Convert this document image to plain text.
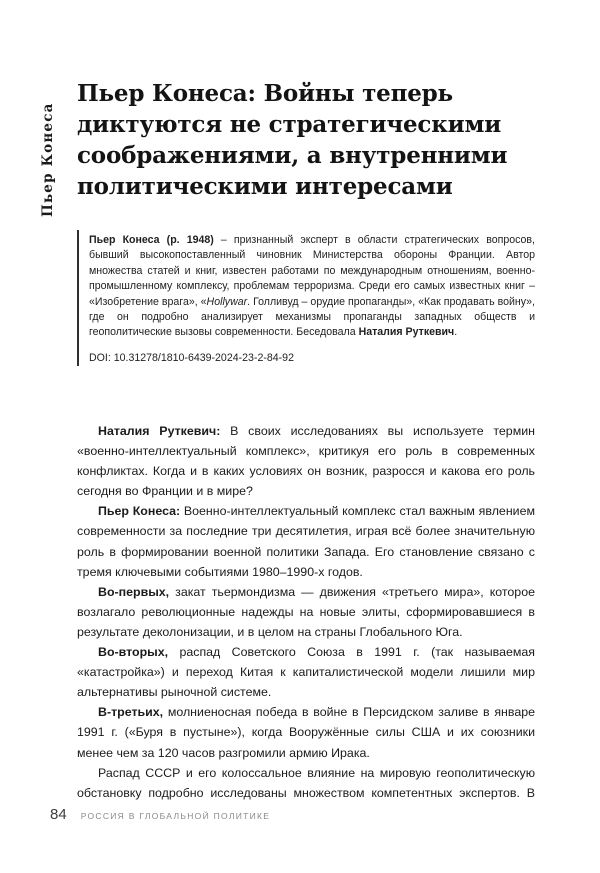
Пьер Конеса
Пьер Конеса: Войны теперь
диктуются не стратегическими
соображениями, а внутренними
политическими интересами

Пьер Конеса (р. 1948) – признанный эксперт в области стратегических вопросов, бывший высокопоставленный чиновник Министерства обороны Франции. Автор множества статей и книг, известен работами по международным отношениям, военно-промышленному комплексу, проблемам терроризма. Среди его самых известных книг – «Изобретение врага», «Hollywar. Голливуд – орудие пропаганды», «Как продавать войну», где он подробно анализирует механизмы пропаганды западных обществ и геополитические вызовы современности. Беседовала Наталия Руткевич.

DOI: 10.31278/1810-6439-2024-23-2-84-92

Наталия Руткевич: В своих исследованиях вы используете термин «военно-интеллектуальный комплекс», критикуя его роль в современных конфликтах. Когда и в каких условиях он возник, разросся и какова его роль сегодня во Франции и в мире?

Пьер Конеса: Военно-интеллектуальный комплекс стал важным явлением современности за последние три десятилетия, играя всё более значительную роль в формировании военной политики Запада. Его становление связано с тремя ключевыми событиями 1980–1990-х годов.

Во-первых, закат тьермондизма — движения «третьего мира», которое возлагало революционные надежды на новые элиты, сформировавшиеся в результате деколонизации, и в целом на страны Глобального Юга.

Во-вторых, распад Советского Союза в 1991 г. (так называемая «катастройка») и переход Китая к капиталистической модели лишили мир альтернативы рыночной системе.

В-третьих, молниеносная победа в войне в Персидском заливе в январе 1991 г. («Буря в пустыне»), когда Вооружённые силы США и их союзники менее чем за 120 часов разгромили армию Ирака.

Распад СССР и его колоссальное влияние на мировую геополитическую обстановку подробно исследованы множеством компетентных экспертов. В

84 РОССИЯ В ГЛОБАЛЬНОЙ ПОЛИТИКЕ
